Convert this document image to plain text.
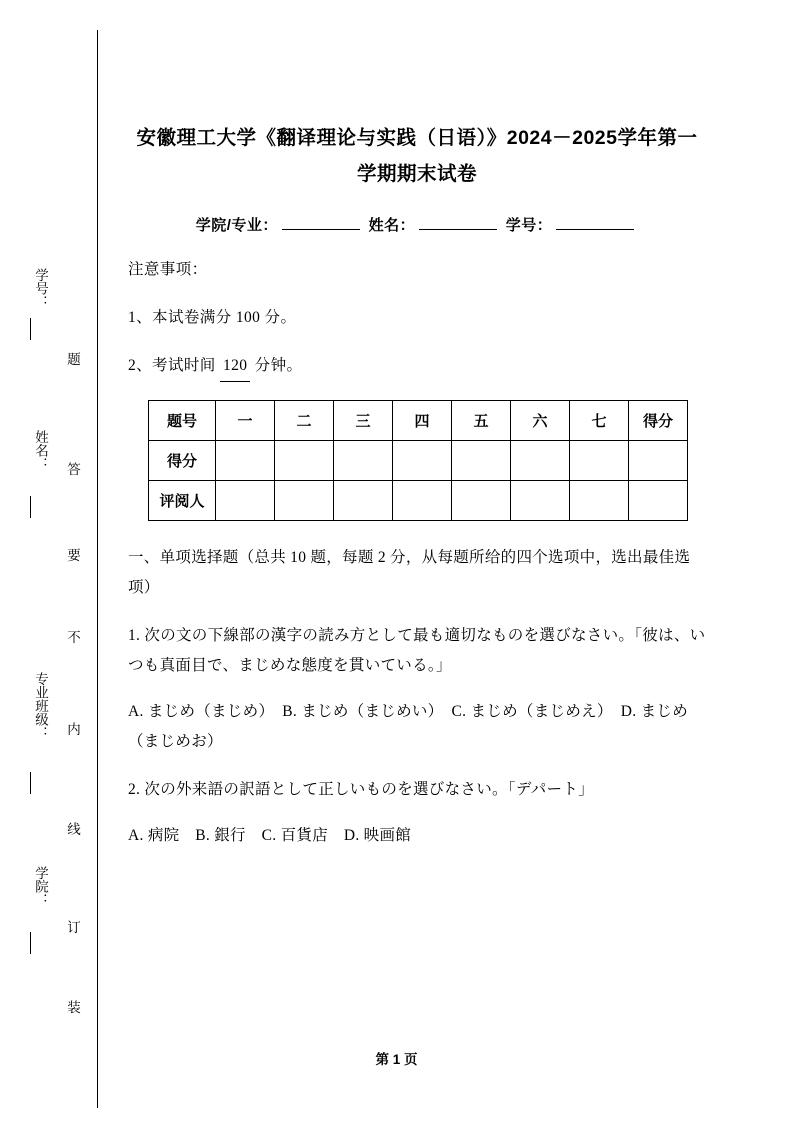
学号：
姓名：
专业班级：
学院：
题
答
要
不
内
线
订
装
安徽理工大学《翻译理论与实践（日语）》2024－2025学年第一学期期末试卷
学院/专业：	姓名：	学号：
注意事项：
1、本试卷满分 100 分。
2、考试时间 120 分钟。
题号	一	二	三	四	五	六	七	得分
得分								
评阅人								
一、单项选择题（总共 10 题，每题 2 分，从每题所给的四个选项中，选出最佳选项）
1. 次の文の下線部の漢字の読み方として最も適切なものを選びなさい。「彼は、いつも真面目で、まじめな態度を貫いている。」
A. まじめ（まじめ）　B. まじめ（まじめい）　C. まじめ（まじめえ）　D. まじめ（まじめお）
2. 次の外来語の訳語として正しいものを選びなさい。「デパート」
A. 病院　B. 銀行　C. 百貨店　D. 映画館
第 1 页
